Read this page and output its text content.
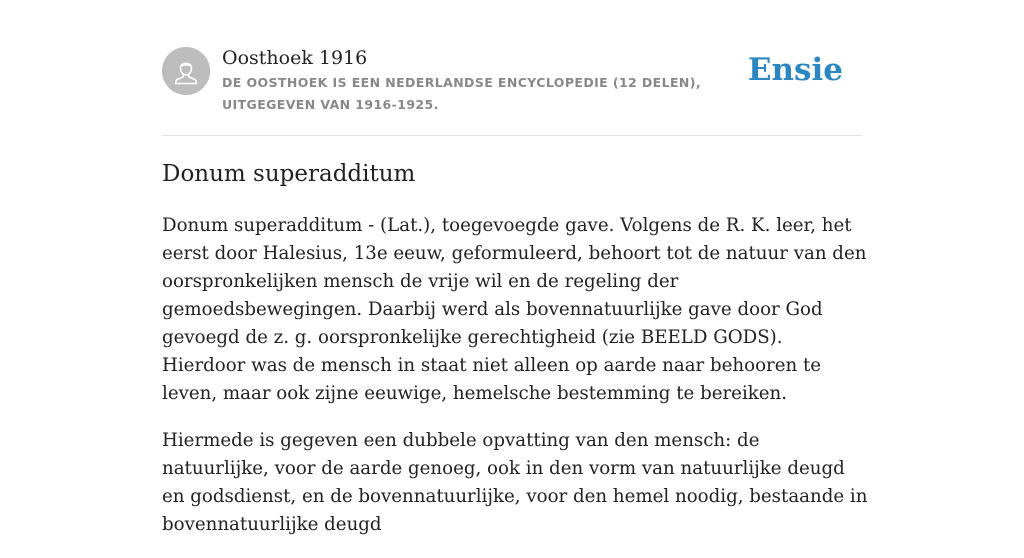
Oosthoek 1916
DE OOSTHOEK IS EEN NEDERLANDSE ENCYCLOPEDIE (12 DELEN), UITGEGEVEN VAN 1916-1925.
Ensie
Donum superadditum

Donum superadditum - (Lat.), toegevoegde gave. Volgens de R. K. leer, het eerst door Halesius, 13e eeuw, geformuleerd, behoort tot de natuur van den oorspronkelijken mensch de vrije wil en de regeling der gemoedsbewegingen. Daarbij werd als bovennatuurlijke gave door God gevoegd de z. g. oorspronkelijke gerechtigheid (zie BEELD GODS). Hierdoor was de mensch in staat niet alleen op aarde naar behooren te leven, maar ook zijne eeuwige, hemelsche bestemming te bereiken.

Hiermede is gegeven een dubbele opvatting van den mensch: de natuurlijke, voor de aarde genoeg, ook in den vorm van natuurlijke deugd en godsdienst, en de bovennatuurlijke, voor den hemel noodig, bestaande in bovennatuurlijke deugd
